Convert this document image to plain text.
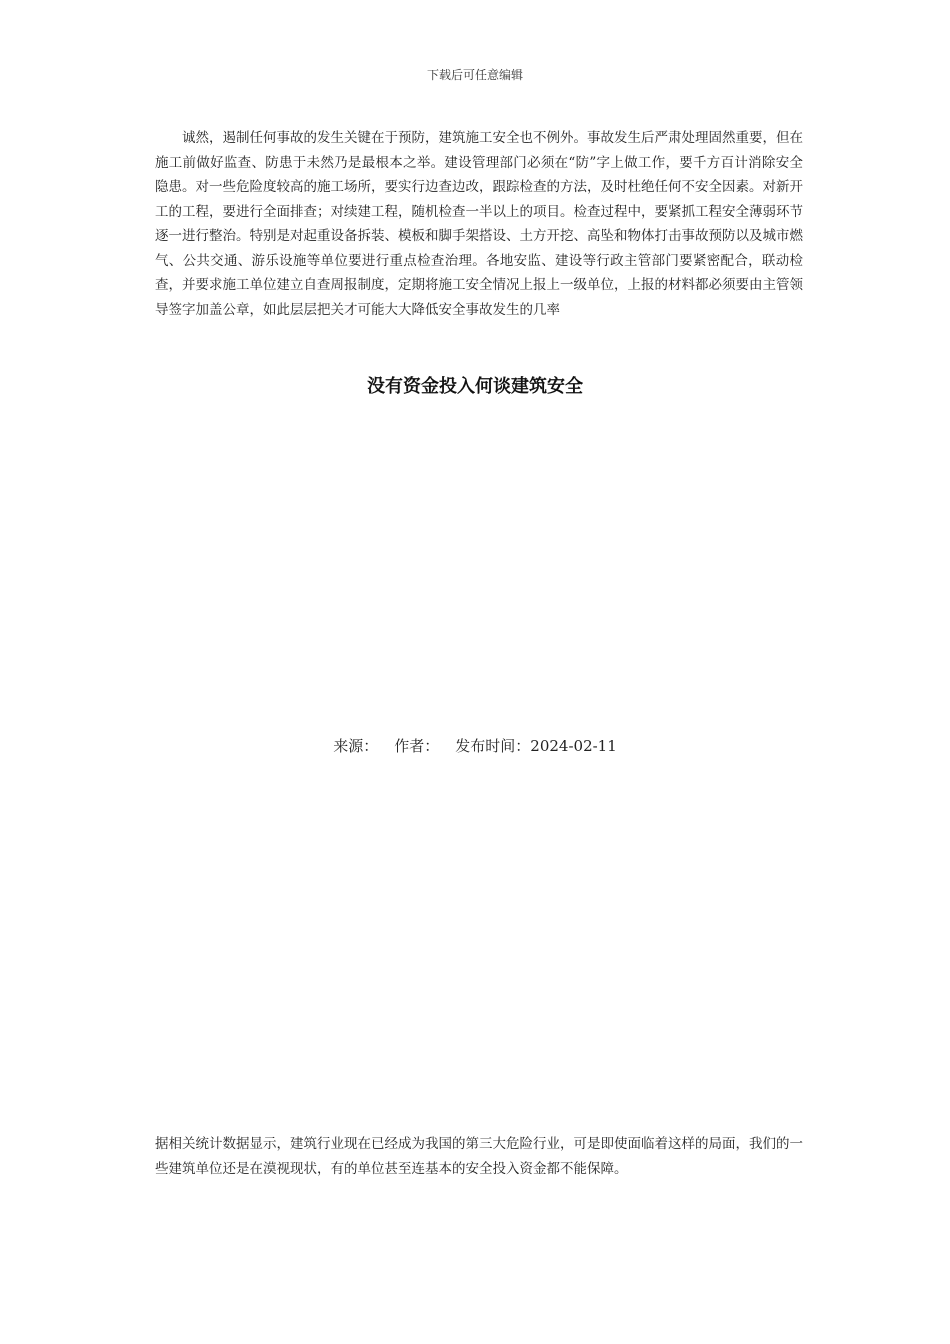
下载后可任意编辑

诚然，遏制任何事故的发生关键在于预防，建筑施工安全也不例外。事故发生后严肃处理固然重要，但在施工前做好监查、防患于未然乃是最根本之举。建设管理部门必须在“防”字上做工作，要千方百计消除安全隐患。对一些危险度较高的施工场所，要实行边查边改，跟踪检查的方法，及时杜绝任何不安全因素。对新开工的工程，要进行全面排查；对续建工程，随机检查一半以上的项目。检查过程中，要紧抓工程安全薄弱环节逐一进行整治。特别是对起重设备拆装、模板和脚手架搭设、土方开挖、高坠和物体打击事故预防以及城市燃气、公共交通、游乐设施等单位要进行重点检查治理。各地安监、建设等行政主管部门要紧密配合，联动检查，并要求施工单位建立自查周报制度，定期将施工安全情况上报上一级单位，上报的材料都必须要由主管领导签字加盖公章，如此层层把关才可能大大降低安全事故发生的几率

没有资金投入何谈建筑安全
来源： 作者： 发布时间：2024-02-11

据相关统计数据显示，建筑行业现在已经成为我国的第三大危险行业，可是即使面临着这样的局面，我们的一些建筑单位还是在漠视现状，有的单位甚至连基本的安全投入资金都不能保障。
